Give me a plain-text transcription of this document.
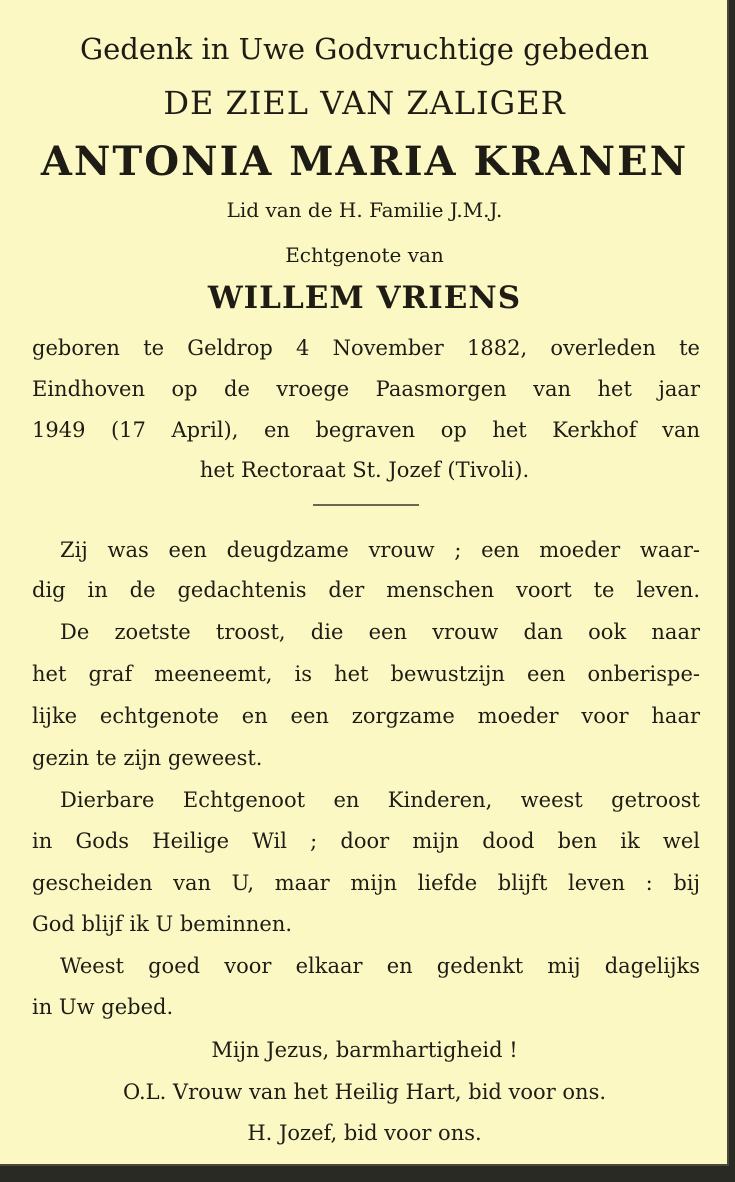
Gedenk in Uwe Godvruchtige gebeden
DE ZIEL VAN ZALIGER
ANTONIA MARIA KRANEN
Lid van de H. Familie J.M.J.
Echtgenote van
WILLEM VRIENS
geboren te Geldrop 4 November 1882, overleden te
Eindhoven op de vroege Paasmorgen van het jaar
1949 (17 April), en begraven op het Kerkhof van
het Rectoraat St. Jozef (Tivoli).
Zij was een deugdzame vrouw ; een moeder waar-
dig in de gedachtenis der menschen voort te leven.
De zoetste troost, die een vrouw dan ook naar
het graf meeneemt, is het bewustzijn een onberispe-
lijke echtgenote en een zorgzame moeder voor haar
gezin te zijn geweest.
Dierbare Echtgenoot en Kinderen, weest getroost
in Gods Heilige Wil ; door mijn dood ben ik wel
gescheiden van U, maar mijn liefde blijft leven : bij
God blijf ik U beminnen.
Weest goed voor elkaar en gedenkt mij dagelijks
in Uw gebed.
Mijn Jezus, barmhartigheid !
O.L. Vrouw van het Heilig Hart, bid voor ons.
H. Jozef, bid voor ons.
